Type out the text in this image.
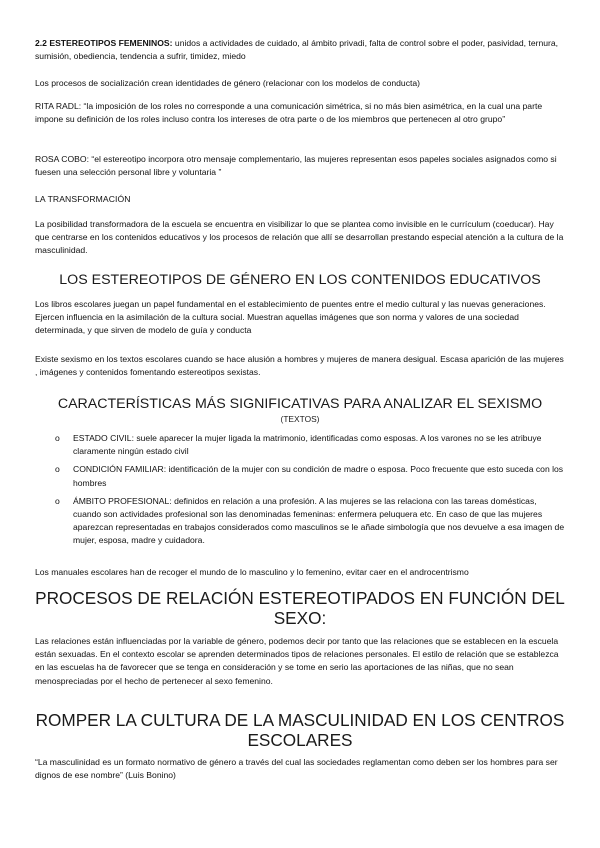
2.2 ESTEREOTIPOS FEMENINOS: unidos a actividades de cuidado, al ámbito privadi, falta de control sobre el poder, pasividad, ternura, sumisión, obediencia, tendencia a sufrir, timidez, miedo

Los procesos de socialización crean identidades de género (relacionar con los modelos de conducta)

RITA RADL: “la imposición de los roles no corresponde a una comunicación simétrica, si no más bien asimétrica, en la cual una parte impone su definición de los roles incluso contra los intereses de otra parte o de los miembros que pertenecen al otro grupo”

ROSA COBO: “el estereotipo incorpora otro mensaje complementario, las mujeres representan esos papeles sociales asignados como si fuesen una selección personal libre y voluntaria ”

LA TRANSFORMACIÓN

La posibilidad transformadora de la escuela se encuentra en visibilizar lo que se plantea como invisible en le currículum (coeducar). Hay que centrarse en los contenidos educativos y los procesos de relación que allí se desarrollan prestando especial atención a la cultura de la masculinidad.

LOS ESTEREOTIPOS DE GÉNERO EN LOS CONTENIDOS EDUCATIVOS

Los libros escolares juegan un papel fundamental en el establecimiento de puentes entre el medio cultural y las nuevas generaciones. Ejercen influencia en la asimilación de la cultura social. Muestran aquellas imágenes que son norma y valores de una sociedad determinada, y que sirven de modelo de guía y conducta

Existe sexismo en los textos escolares cuando se hace alusión a hombres y mujeres de manera desigual. Escasa aparición de las mujeres , imágenes y contenidos fomentando estereotipos sexistas.

CARACTERÍSTICAS MÁS SIGNIFICATIVAS PARA ANALIZAR EL SEXISMO
(TEXTOS)
o ESTADO CIVIL: suele aparecer la mujer ligada la matrimonio, identificadas como esposas. A los varones no se les atribuye claramente ningún estado civil
o CONDICIÓN FAMILIAR: identificación de la mujer con su condición de madre o esposa. Poco frecuente que esto suceda con los hombres
o ÁMBITO PROFESIONAL: definidos en relación a una profesión. A las mujeres se las relaciona con las tareas domésticas, cuando son actividades profesional son las denominadas femeninas: enfermera peluquera etc. En caso de que las mujeres aparezcan representadas en trabajos considerados como masculinos se le añade simbología que nos devuelve a esa imagen de mujer, esposa, madre y cuidadora.

Los manuales escolares han de recoger el mundo de lo masculino y lo femenino, evitar caer en el androcentrismo

PROCESOS DE RELACIÓN ESTEREOTIPADOS EN FUNCIÓN DEL SEXO:

Las relaciones están influenciadas por la variable de género, podemos decir por tanto que las relaciones que se establecen en la escuela están sexuadas. En el contexto escolar se aprenden determinados tipos de relaciones personales. El estilo de relación que se establezca en las escuelas ha de favorecer que se tenga en consideración y se tome en serio las aportaciones de las niñas, que no sean menospreciadas por el hecho de pertenecer al sexo femenino.

ROMPER LA CULTURA DE LA MASCULINIDAD EN LOS CENTROS ESCOLARES

“La masculinidad es un formato normativo de género a través del cual las sociedades reglamentan como deben ser los hombres para ser dignos de ese nombre” (Luis Bonino)
